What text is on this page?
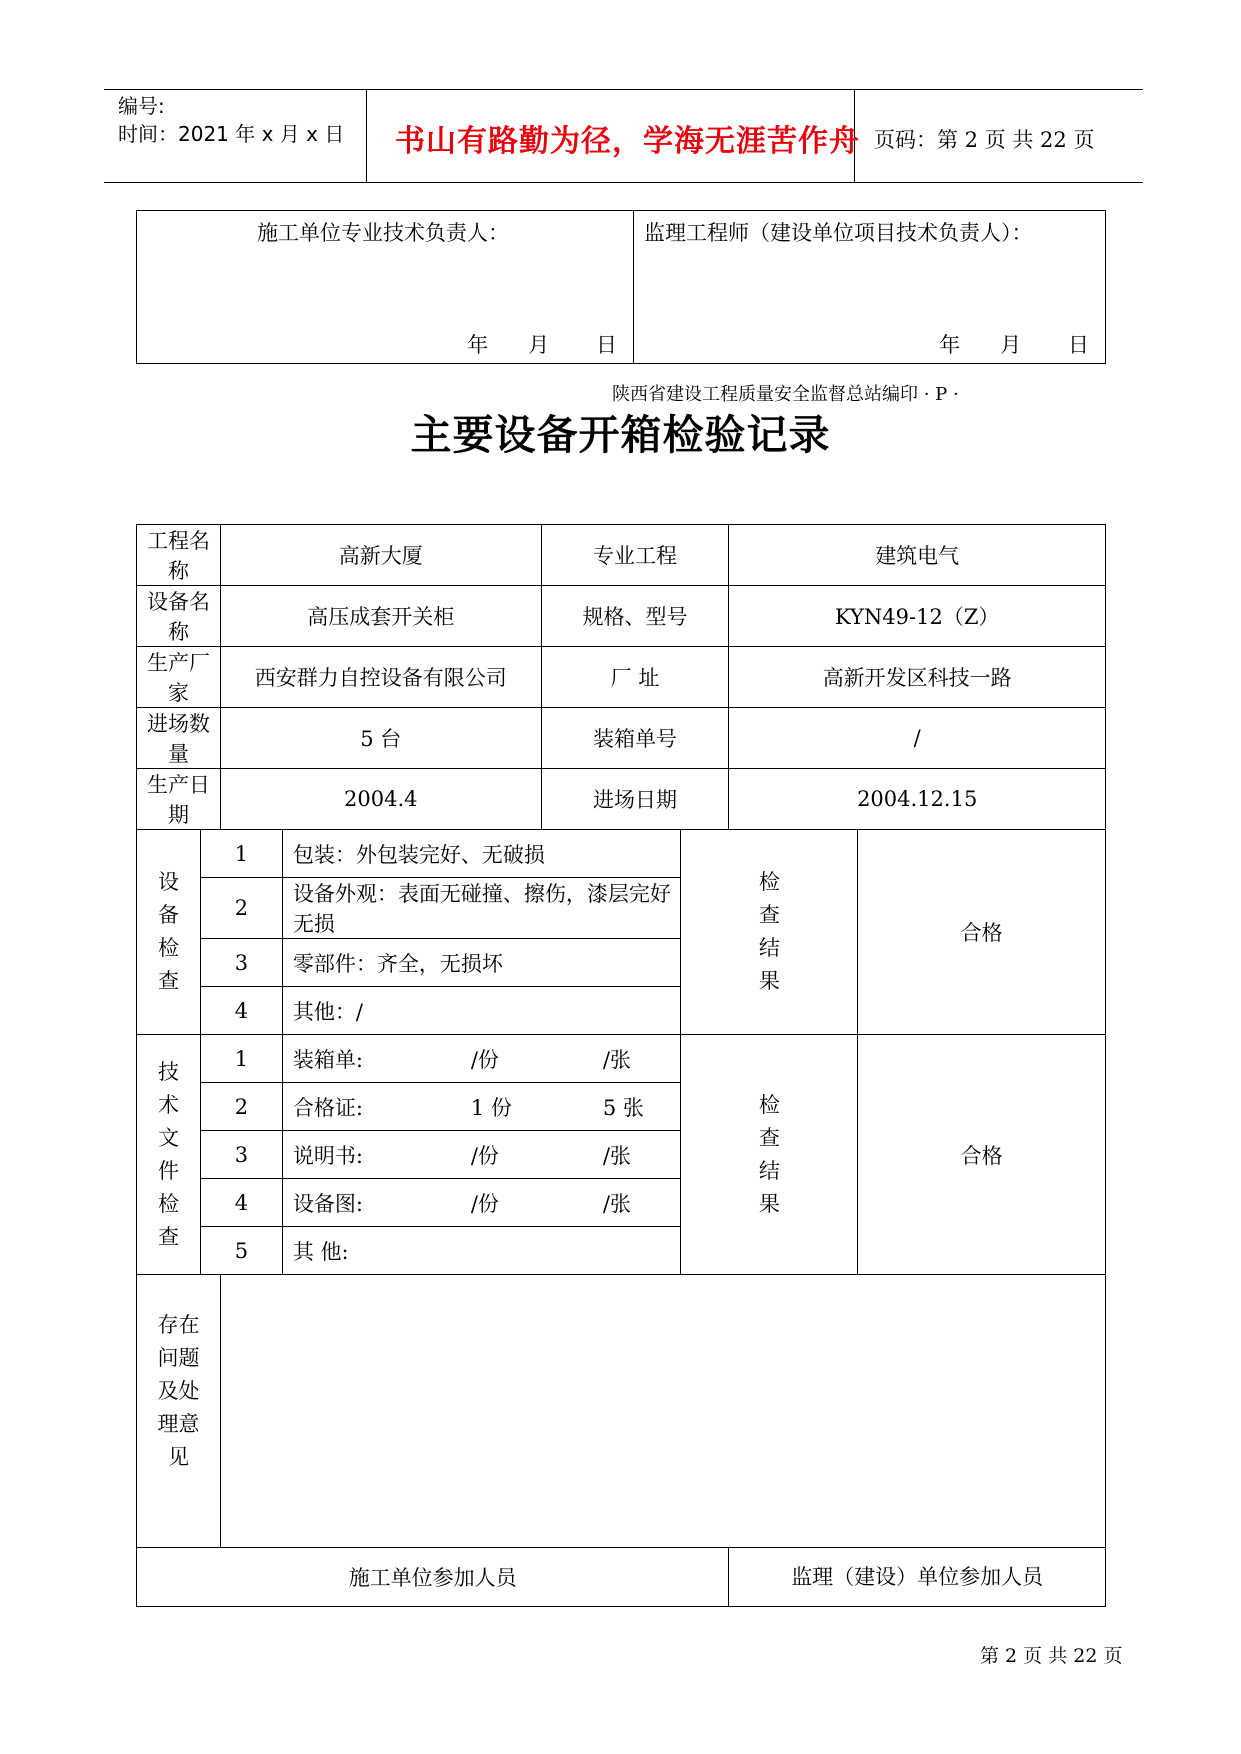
编号:
时间：2021 年 x 月 x 日 书山有路勤为径，学海无涯苦作舟 页码：第 2 页 共 22 页
施工单位专业技术负责人：
年 月 日

监理工程师（建设单位项目技术负责人）：
年 月 日
陕西省建设工程质量安全监督总站编印 · P ·
主要设备开箱检验记录
工程名称		高新大厦		专业工程		建筑电气	
设备名称		高压成套开关柜		规格、型号		KYN49-12（Z）	
生产厂家		西安群力自控设备有限公司		厂 址		高新开发区科技一路	
进场数量		5 台		装箱单号		/	
生产日期		2004.4		进场日期		2004.12.15	

设备检查	1		包装：外包装完好、无破损		检查结果		合格
	2		设备外观：表面无碰撞、擦伤，漆层完好无损				
	3		零部件：齐全，无损坏				
	4		其他：/				

技术文件检查	1		装箱单: /份 /张		检查结果		合格
	2		合格证: 1 份 5 张				
	3		说明书: /份 /张				
	4		设备图: /份 /张				
	5		其 他:				

存在问题及处理意见							

施工单位参加人员						监理（建设）单位参加人员	
第 2 页 共 22 页
